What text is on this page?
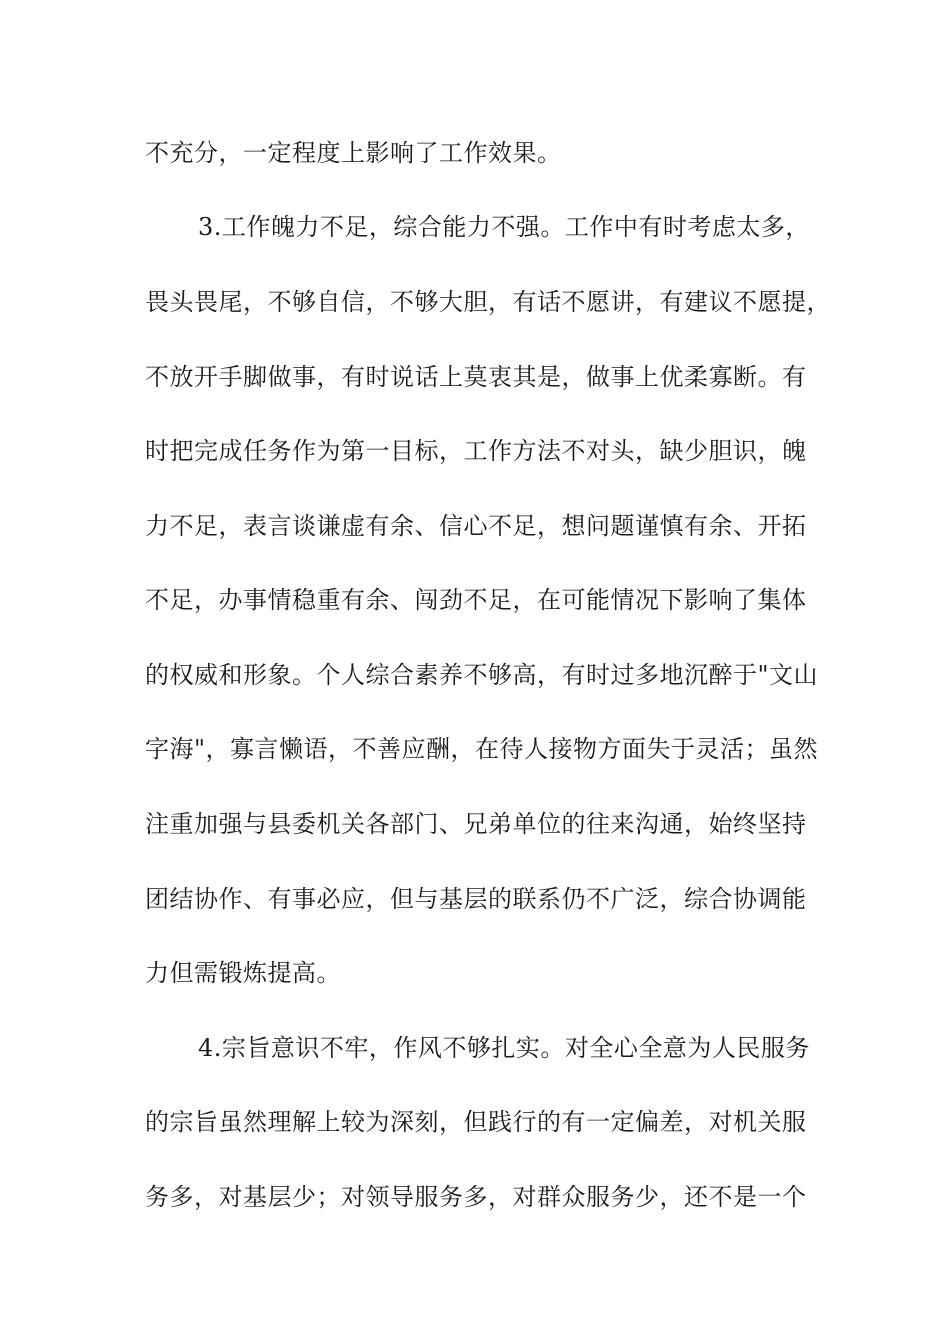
不充分，一定程度上影响了工作效果。
3.工作魄力不足，综合能力不强。工作中有时考虑太多，
畏头畏尾，不够自信，不够大胆，有话不愿讲，有建议不愿提，
不放开手脚做事，有时说话上莫衷其是，做事上优柔寡断。有
时把完成任务作为第一目标，工作方法不对头，缺少胆识，魄
力不足，表言谈谦虚有余、信心不足，想问题谨慎有余、开拓
不足，办事情稳重有余、闯劲不足，在可能情况下影响了集体
的权威和形象。个人综合素养不够高，有时过多地沉醉于"文山
字海"，寡言懒语，不善应酬，在待人接物方面失于灵活；虽然
注重加强与县委机关各部门、兄弟单位的往来沟通，始终坚持
团结协作、有事必应，但与基层的联系仍不广泛，综合协调能
力但需锻炼提高。
4.宗旨意识不牢，作风不够扎实。对全心全意为人民服务
的宗旨虽然理解上较为深刻，但践行的有一定偏差，对机关服
务多，对基层少；对领导服务多，对群众服务少，还不是一个
